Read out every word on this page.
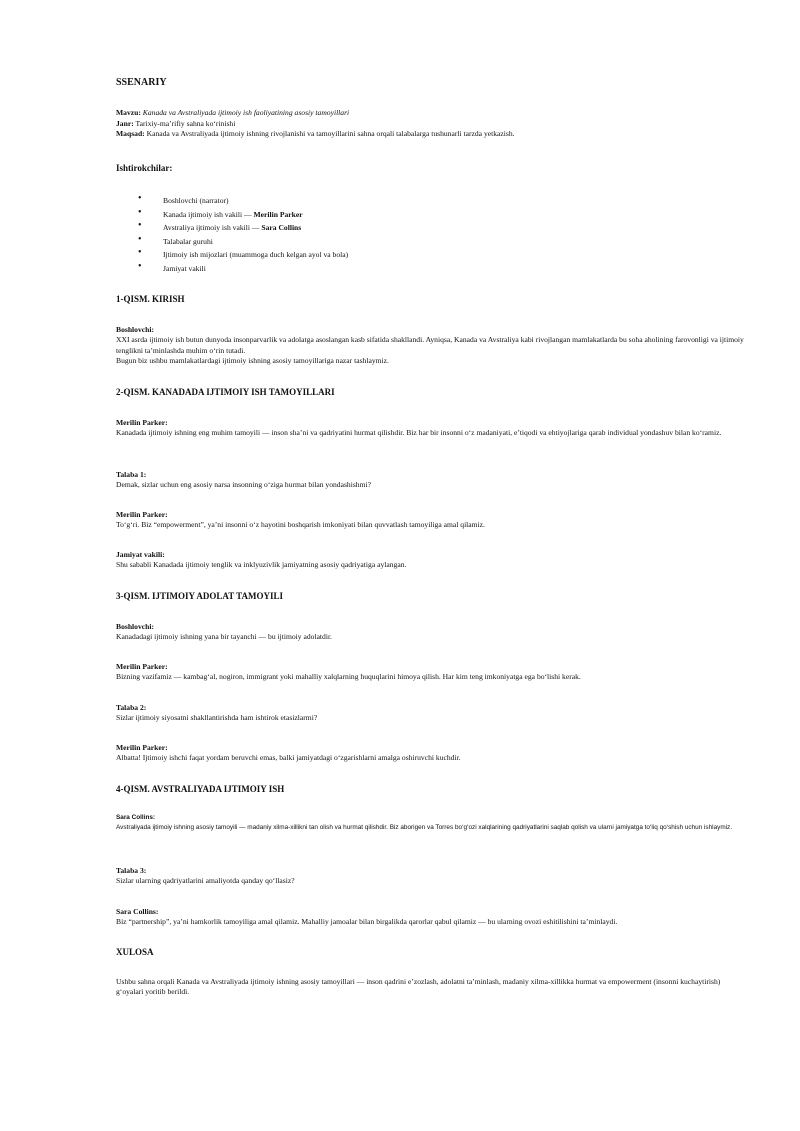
SSENARIY
Mavzu: Kanada va Avstraliyada ijtimoiy ish faoliyatining asosiy tamoyillari
Janr: Tarixiy-ma’rifiy sahna ko‘rinishi
Maqsad: Kanada va Avstraliyada ijtimoiy ishning rivojlanishi va tamoyillarini sahna orqali talabalarga tushunarli tarzda yetkazish.
Ishtirokchilar:
• Boshlovchi (narrator)
• Kanada ijtimoiy ish vakili — Merilin Parker
• Avstraliya ijtimoiy ish vakili — Sara Collins
• Talabalar guruhi
• Ijtimoiy ish mijozlari (muammoga duch kelgan ayol va bola)
• Jamiyat vakili
1-QISM. KIRISH
Boshlovchi:
XXI asrda ijtimoiy ish butun dunyoda insonparvarlik va adolatga asoslangan kasb sifatida shakllandi. Ayniqsa, Kanada va Avstraliya kabi rivojlangan mamlakatlarda bu soha aholining farovonligi va ijtimoiy tenglikni ta’minlashda muhim o‘rin tutadi.
Bugun biz ushbu mamlakatlardagi ijtimoiy ishning asosiy tamoyillariga nazar tashlaymiz.
2-QISM. KANADADA IJTIMOIY ISH TAMOYILLARI
Merilin Parker:
Kanadada ijtimoiy ishning eng muhim tamoyili — inson sha’ni va qadriyatini hurmat qilishdir. Biz har bir insonni o‘z madaniyati, e’tiqodi va ehtiyojlariga qarab individual yondashuv bilan ko‘ramiz.
Talaba 1:
Demak, sizlar uchun eng asosiy narsa insonning o‘ziga hurmat bilan yondashishmi?
Merilin Parker:
To‘g‘ri. Biz “empowerment”, ya’ni insonni o‘z hayotini boshqarish imkoniyati bilan quvvatlash tamoyiliga amal qilamiz.
Jamiyat vakili:
Shu sababli Kanadada ijtimoiy tenglik va inklyuzivlik jamiyatning asosiy qadriyatiga aylangan.
3-QISM. IJTIMOIY ADOLAT TAMOYILI
Boshlovchi:
Kanadadagi ijtimoiy ishning yana bir tayanchi — bu ijtimoiy adolatdir.
Merilin Parker:
Bizning vazifamiz — kambag‘al, nogiron, immigrant yoki mahalliy xalqlarning huquqlarini himoya qilish. Har kim teng imkoniyatga ega bo‘lishi kerak.
Talaba 2:
Sizlar ijtimoiy siyosatni shakllantirishda ham ishtirok etasizlarmi?
Merilin Parker:
Albatta! Ijtimoiy ishchi faqat yordam beruvchi emas, balki jamiyatdagi o‘zgarishlarni amalga oshiruvchi kuchdir.
4-QISM. AVSTRALIYADA IJTIMOIY ISH
Sara Collins:
Avstraliyada ijtimoiy ishning asosiy tamoyili — madaniy xilma-xillikni tan olish va hurmat qilishdir. Biz aborigen va Torres bo‘g‘ozi xalqlarining qadriyatlarini saqlab qolish va ularni jamiyatga to‘liq qo‘shish uchun ishlaymiz.
Talaba 3:
Sizlar ularning qadriyatlarini amaliyotda qanday qo‘llasiz?
Sara Collins:
Biz “partnership”, ya’ni hamkorlik tamoyiliga amal qilamiz. Mahalliy jamoalar bilan birgalikda qarorlar qabul qilamiz — bu ularning ovozi eshitilishini ta’minlaydi.
XULOSA
Ushbu sahna orqali Kanada va Avstraliyada ijtimoiy ishning asosiy tamoyillari — inson qadrini e’zozlash, adolatni ta’minlash, madaniy xilma-xillikka hurmat va empowerment (insonni kuchaytirish) g‘oyalari yoritib berildi.
